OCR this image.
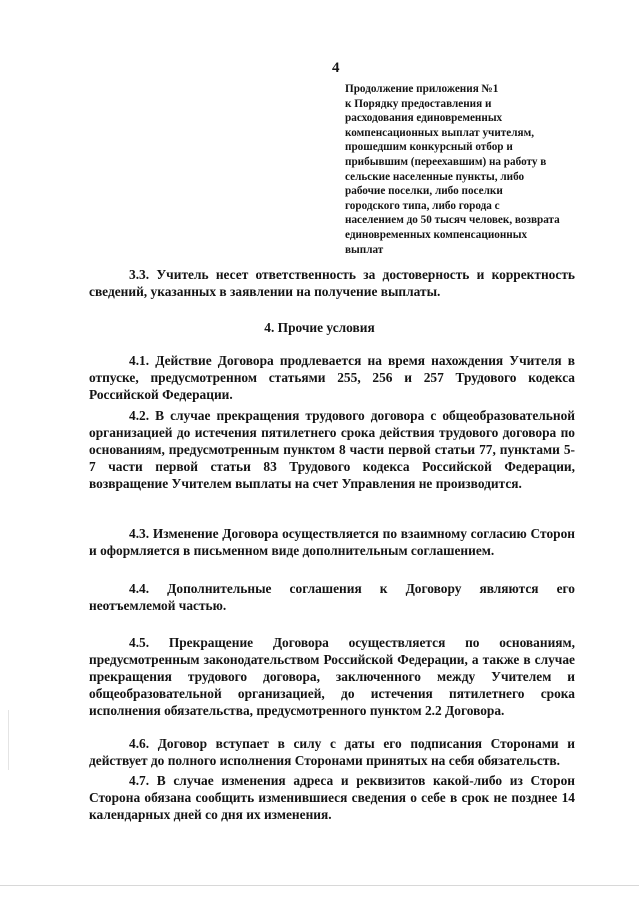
4
Продолжение приложения №1
к Порядку предоставления и
расходования единовременных
компенсационных выплат учителям,
прошедшим конкурсный отбор и
прибывшим (переехавшим) на работу в
сельские населенные пункты, либо
рабочие поселки, либо поселки
городского типа, либо города с
населением до 50 тысяч человек, возврата
единовременных компенсационных
выплат
3.3. Учитель несет ответственность за достоверность и корректность сведений, указанных в заявлении на получение выплаты.
4. Прочие условия
4.1. Действие Договора продлевается на время нахождения Учителя в отпуске, предусмотренном статьями 255, 256 и 257 Трудового кодекса Российской Федерации.
4.2. В случае прекращения трудового договора с общеобразовательной организацией до истечения пятилетнего срока действия трудового договора по основаниям, предусмотренным пунктом 8 части первой статьи 77, пунктами 5-7 части первой статьи 83 Трудового кодекса Российской Федерации, возвращение Учителем выплаты на счет Управления не производится.
4.3. Изменение Договора осуществляется по взаимному согласию Сторон и оформляется в письменном виде дополнительным соглашением.
4.4. Дополнительные соглашения к Договору являются его неотъемлемой частью.
4.5. Прекращение Договора осуществляется по основаниям, предусмотренным законодательством Российской Федерации, а также в случае прекращения трудового договора, заключенного между Учителем и общеобразовательной организацией, до истечения пятилетнего срока исполнения обязательства, предусмотренного пунктом 2.2 Договора.
4.6. Договор вступает в силу с даты его подписания Сторонами и действует до полного исполнения Сторонами принятых на себя обязательств.
4.7. В случае изменения адреса и реквизитов какой-либо из Сторон Сторона обязана сообщить изменившиеся сведения о себе в срок не позднее 14 календарных дней со дня их изменения.
